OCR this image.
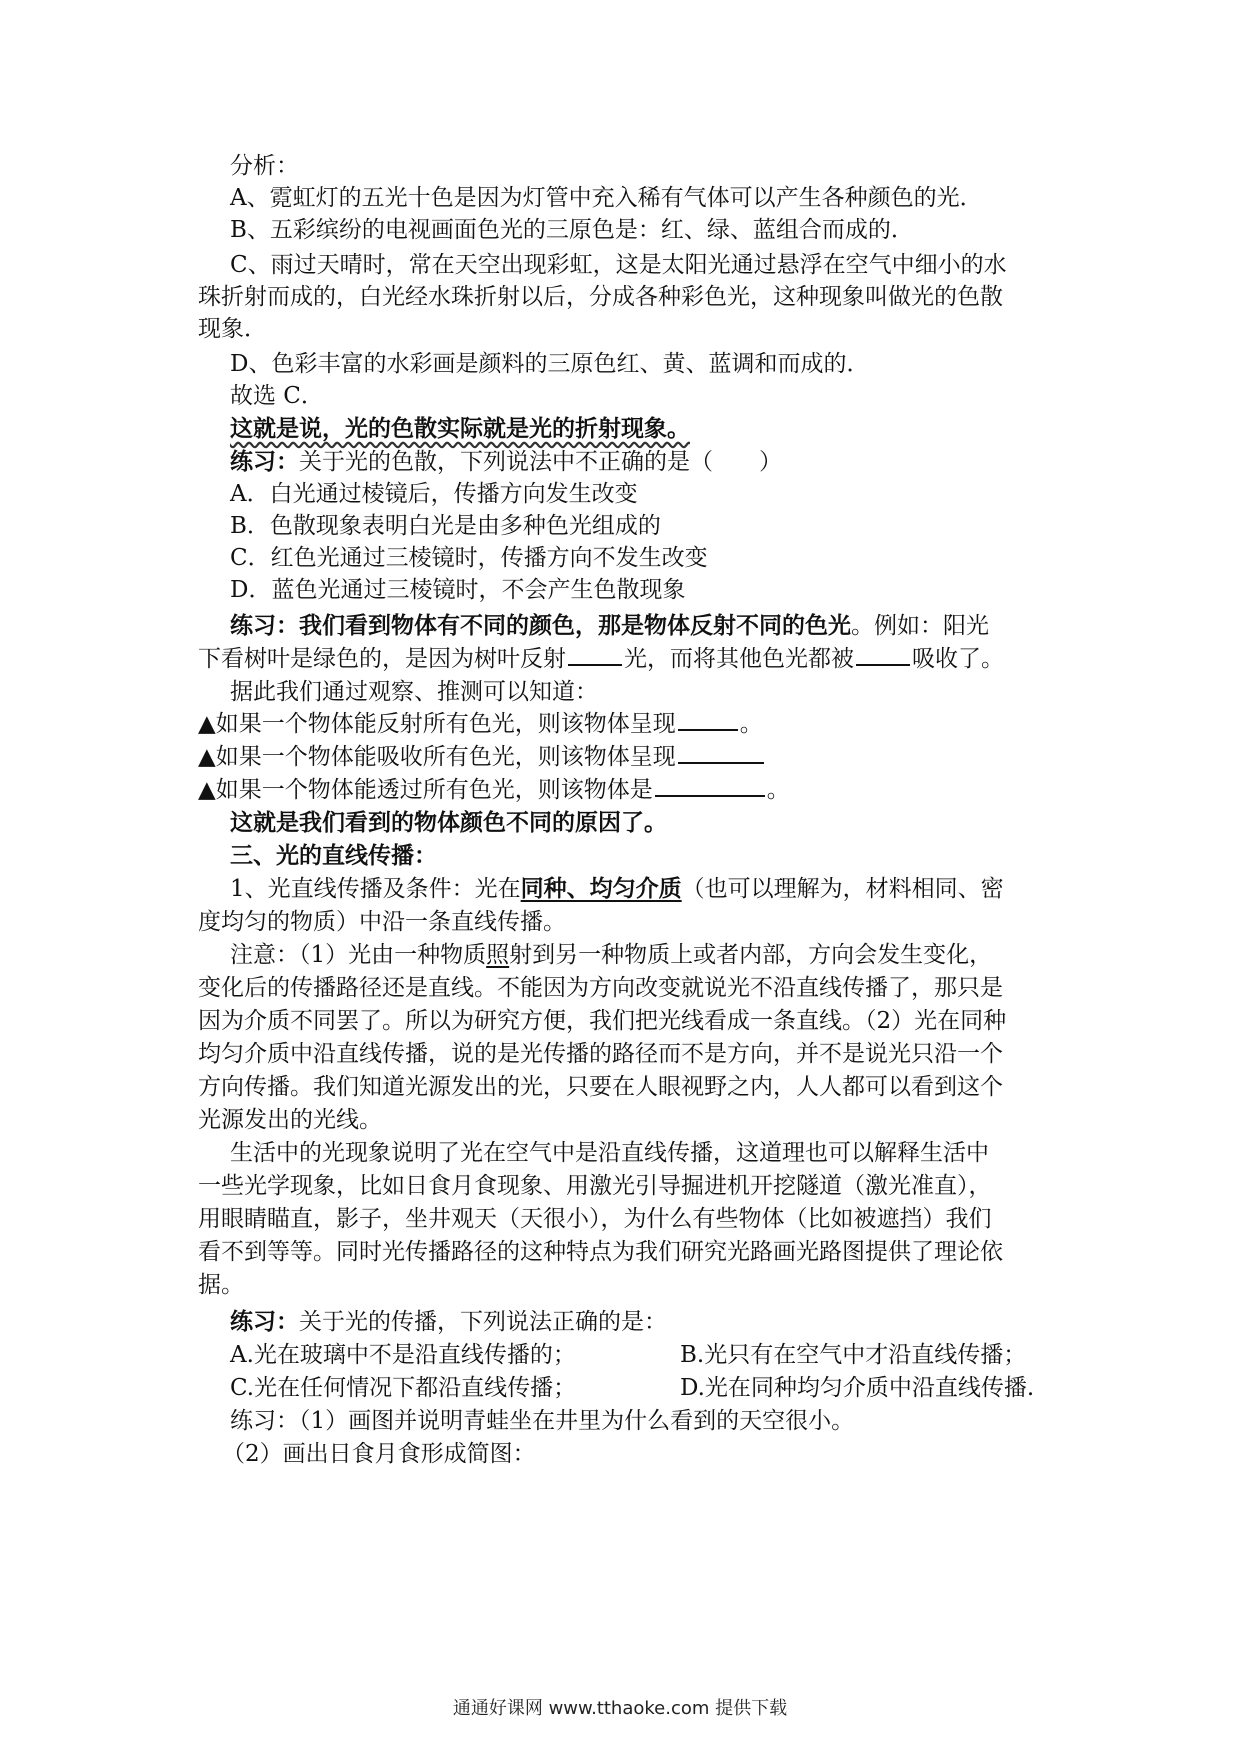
分析：
A、霓虹灯的五光十色是因为灯管中充入稀有气体可以产生各种颜色的光．
B、五彩缤纷的电视画面色光的三原色是：红、绿、蓝组合而成的．
C、雨过天晴时，常在天空出现彩虹，这是太阳光通过悬浮在空气中细小的水
珠折射而成的，白光经水珠折射以后，分成各种彩色光，这种现象叫做光的色散
现象．
D、色彩丰富的水彩画是颜料的三原色红、黄、蓝调和而成的．
故选 C．
这就是说，光的色散实际就是光的折射现象。
练习：关于光的色散，下列说法中不正确的是（　　）
A．白光通过棱镜后，传播方向发生改变
B．色散现象表明白光是由多种色光组成的
C．红色光通过三棱镜时，传播方向不发生改变
D．蓝色光通过三棱镜时，不会产生色散现象
练习：我们看到物体有不同的颜色，那是物体反射不同的色光。例如：阳光
下看树叶是绿色的，是因为树叶反射	光，而将其他色光都被	吸收了。
据此我们通过观察、推测可以知道：
▲如果一个物体能反射所有色光，则该物体呈现	。
▲如果一个物体能吸收所有色光，则该物体呈现
▲如果一个物体能透过所有色光，则该物体是	。
这就是我们看到的物体颜色不同的原因了。
三、光的直线传播：
1、光直线传播及条件：光在同种、均匀介质（也可以理解为，材料相同、密
度均匀的物质）中沿一条直线传播。
注意：（1）光由一种物质照射到另一种物质上或者内部，方向会发生变化，
变化后的传播路径还是直线。不能因为方向改变就说光不沿直线传播了，那只是
因为介质不同罢了。所以为研究方便，我们把光线看成一条直线。（2）光在同种
均匀介质中沿直线传播，说的是光传播的路径而不是方向，并不是说光只沿一个
方向传播。我们知道光源发出的光，只要在人眼视野之内，人人都可以看到这个
光源发出的光线。
生活中的光现象说明了光在空气中是沿直线传播，这道理也可以解释生活中
一些光学现象，比如日食月食现象、用激光引导掘进机开挖隧道（激光准直），
用眼睛瞄直，影子，坐井观天（天很小），为什么有些物体（比如被遮挡）我们
看不到等等。同时光传播路径的这种特点为我们研究光路画光路图提供了理论依
据。
练习：关于光的传播，下列说法正确的是：
A.光在玻璃中不是沿直线传播的；	B.光只有在空气中才沿直线传播；
C.光在任何情况下都沿直线传播；	D.光在同种均匀介质中沿直线传播.
练习：（1）画图并说明青蛙坐在井里为什么看到的天空很小。
（2）画出日食月食形成简图：
通通好课网 www.tthaoke.com 提供下载
